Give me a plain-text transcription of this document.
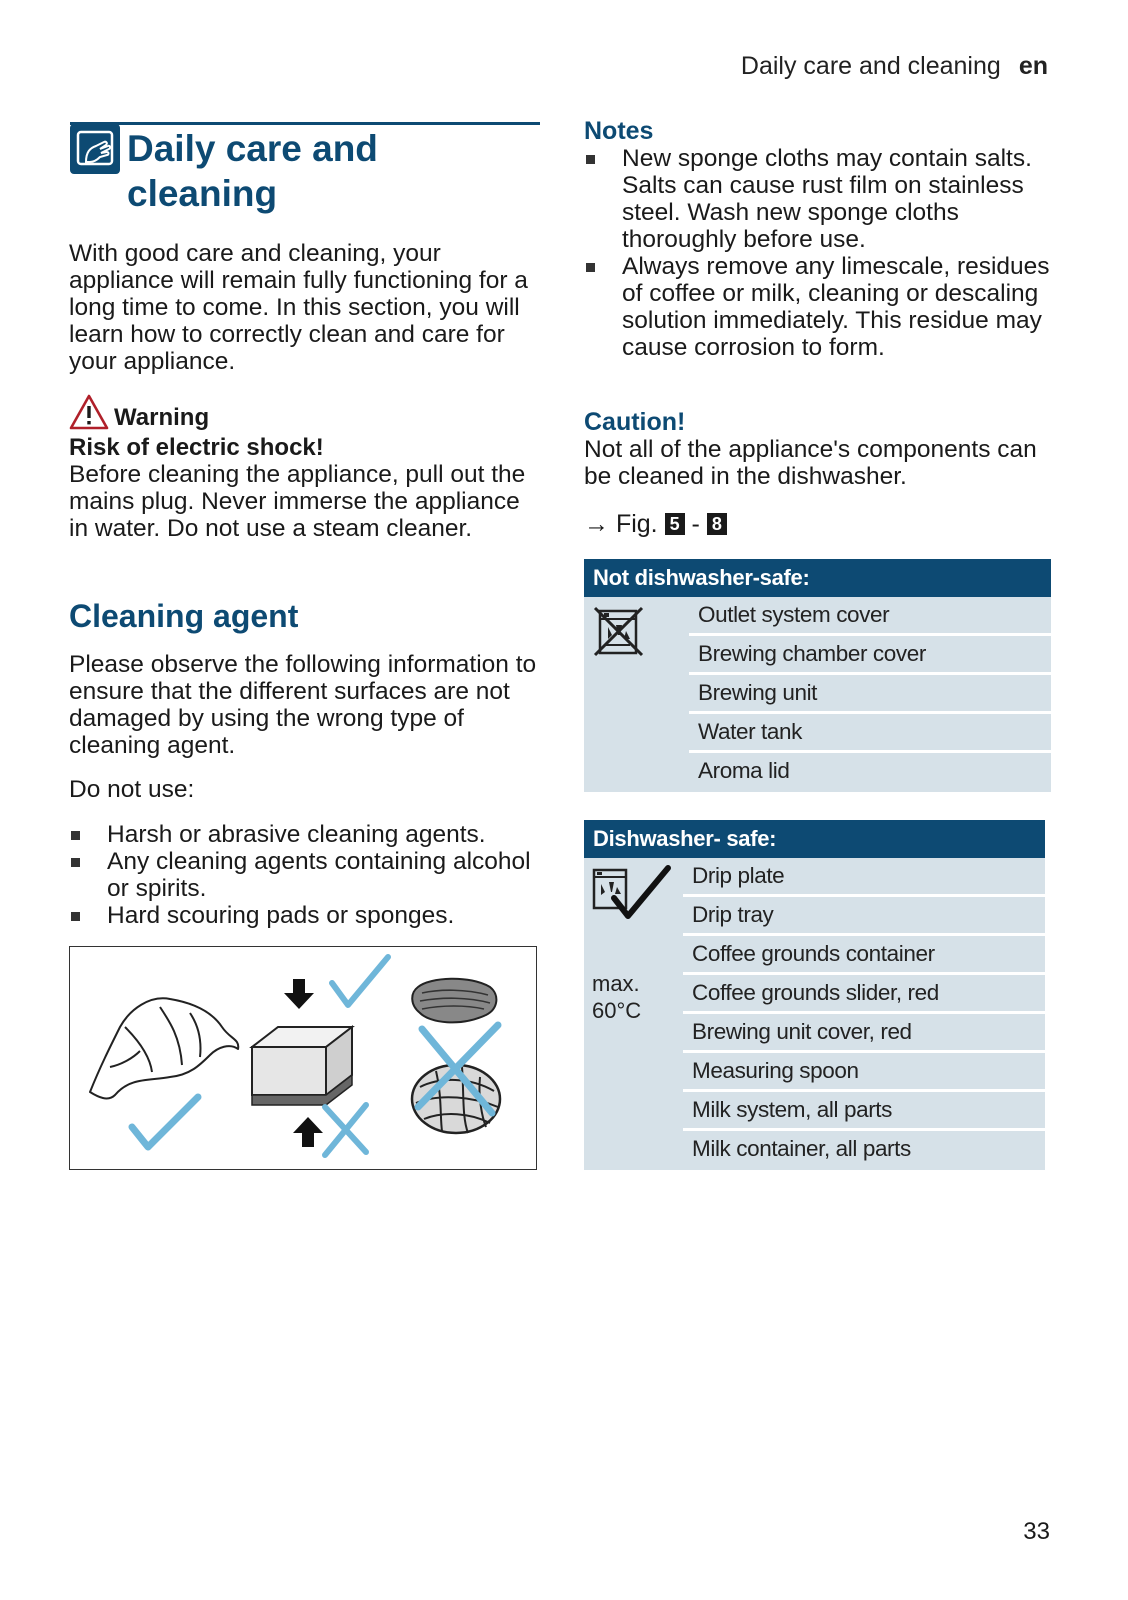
Daily care and cleaning en
Daily care and cleaning
With good care and cleaning, your appliance will remain fully functioning for a long time to come. In this section, you will learn how to correctly clean and care for your appliance.
Warning
Risk of electric shock!
Before cleaning the appliance, pull out the mains plug. Never immerse the appliance in water. Do not use a steam cleaner.
Cleaning agent
Please observe the following information to ensure that the different surfaces are not damaged by using the wrong type of cleaning agent.
Do not use:
Harsh or abrasive cleaning agents.
Any cleaning agents containing alcohol or spirits.
Hard scouring pads or sponges.
Notes
New sponge cloths may contain salts. Salts can cause rust film on stainless steel. Wash new sponge cloths thoroughly before use.
Always remove any limescale, residues of coffee or milk, cleaning or descaling solution immediately. This residue may cause corrosion to form.
Caution!
Not all of the appliance's components can be cleaned in the dishwasher.
→ Fig. 5 - 8
Not dishwasher-safe:
Outlet system cover
Brewing chamber cover
Brewing unit
Water tank
Aroma lid
Dishwasher- safe:
max.
60°C
Drip plate
Drip tray
Coffee grounds container
Coffee grounds slider, red
Brewing unit cover, red
Measuring spoon
Milk system, all parts
Milk container, all parts
33
